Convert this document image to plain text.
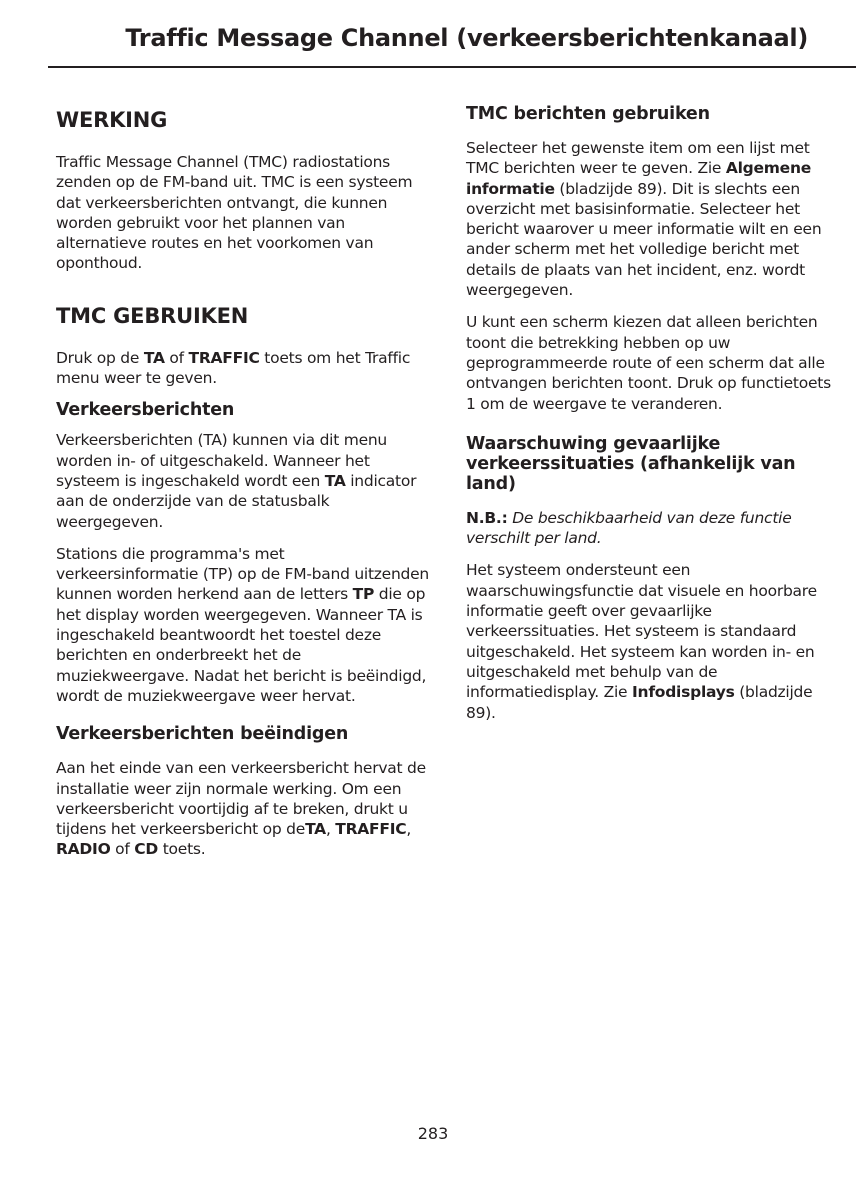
Traffic Message Channel (verkeersberichtenkanaal)
WERKING

Traffic Message Channel (TMC) radiostations zenden op de FM-band uit. TMC is een systeem dat verkeersberichten ontvangt, die kunnen worden gebruikt voor het plannen van alternatieve routes en het voorkomen van oponthoud.

TMC GEBRUIKEN

Druk op de TA of TRAFFIC toets om het Traffic menu weer te geven.

Verkeersberichten

Verkeersberichten (TA) kunnen via dit menu worden in- of uitgeschakeld. Wanneer het systeem is ingeschakeld wordt een TA indicator aan de onderzijde van de statusbalk weergegeven.

Stations die programma's met verkeersinformatie (TP) op de FM-band uitzenden kunnen worden herkend aan de letters TP die op het display worden weergegeven. Wanneer TA is ingeschakeld beantwoordt het toestel deze berichten en onderbreekt het de muziekweergave. Nadat het bericht is beëindigd, wordt de muziekweergave weer hervat.

Verkeersberichten beëindigen

Aan het einde van een verkeersbericht hervat de installatie weer zijn normale werking. Om een verkeersbericht voortijdig af te breken, drukt u tijdens het verkeersbericht op deTA, TRAFFIC, RADIO of CD toets.

TMC berichten gebruiken

Selecteer het gewenste item om een lijst met TMC berichten weer te geven. Zie Algemene informatie (bladzijde 89). Dit is slechts een overzicht met basisinformatie. Selecteer het bericht waarover u meer informatie wilt en een ander scherm met het volledige bericht met details de plaats van het incident, enz. wordt weergegeven.

U kunt een scherm kiezen dat alleen berichten toont die betrekking hebben op uw geprogrammeerde route of een scherm dat alle ontvangen berichten toont. Druk op functietoets 1 om de weergave te veranderen.

Waarschuwing gevaarlijke verkeerssituaties (afhankelijk van land)

N.B.: De beschikbaarheid van deze functie verschilt per land.

Het systeem ondersteunt een waarschuwingsfunctie dat visuele en hoorbare informatie geeft over gevaarlijke verkeerssituaties. Het systeem is standaard uitgeschakeld. Het systeem kan worden in- en uitgeschakeld met behulp van de informatiedisplay. Zie Infodisplays (bladzijde 89).

283
